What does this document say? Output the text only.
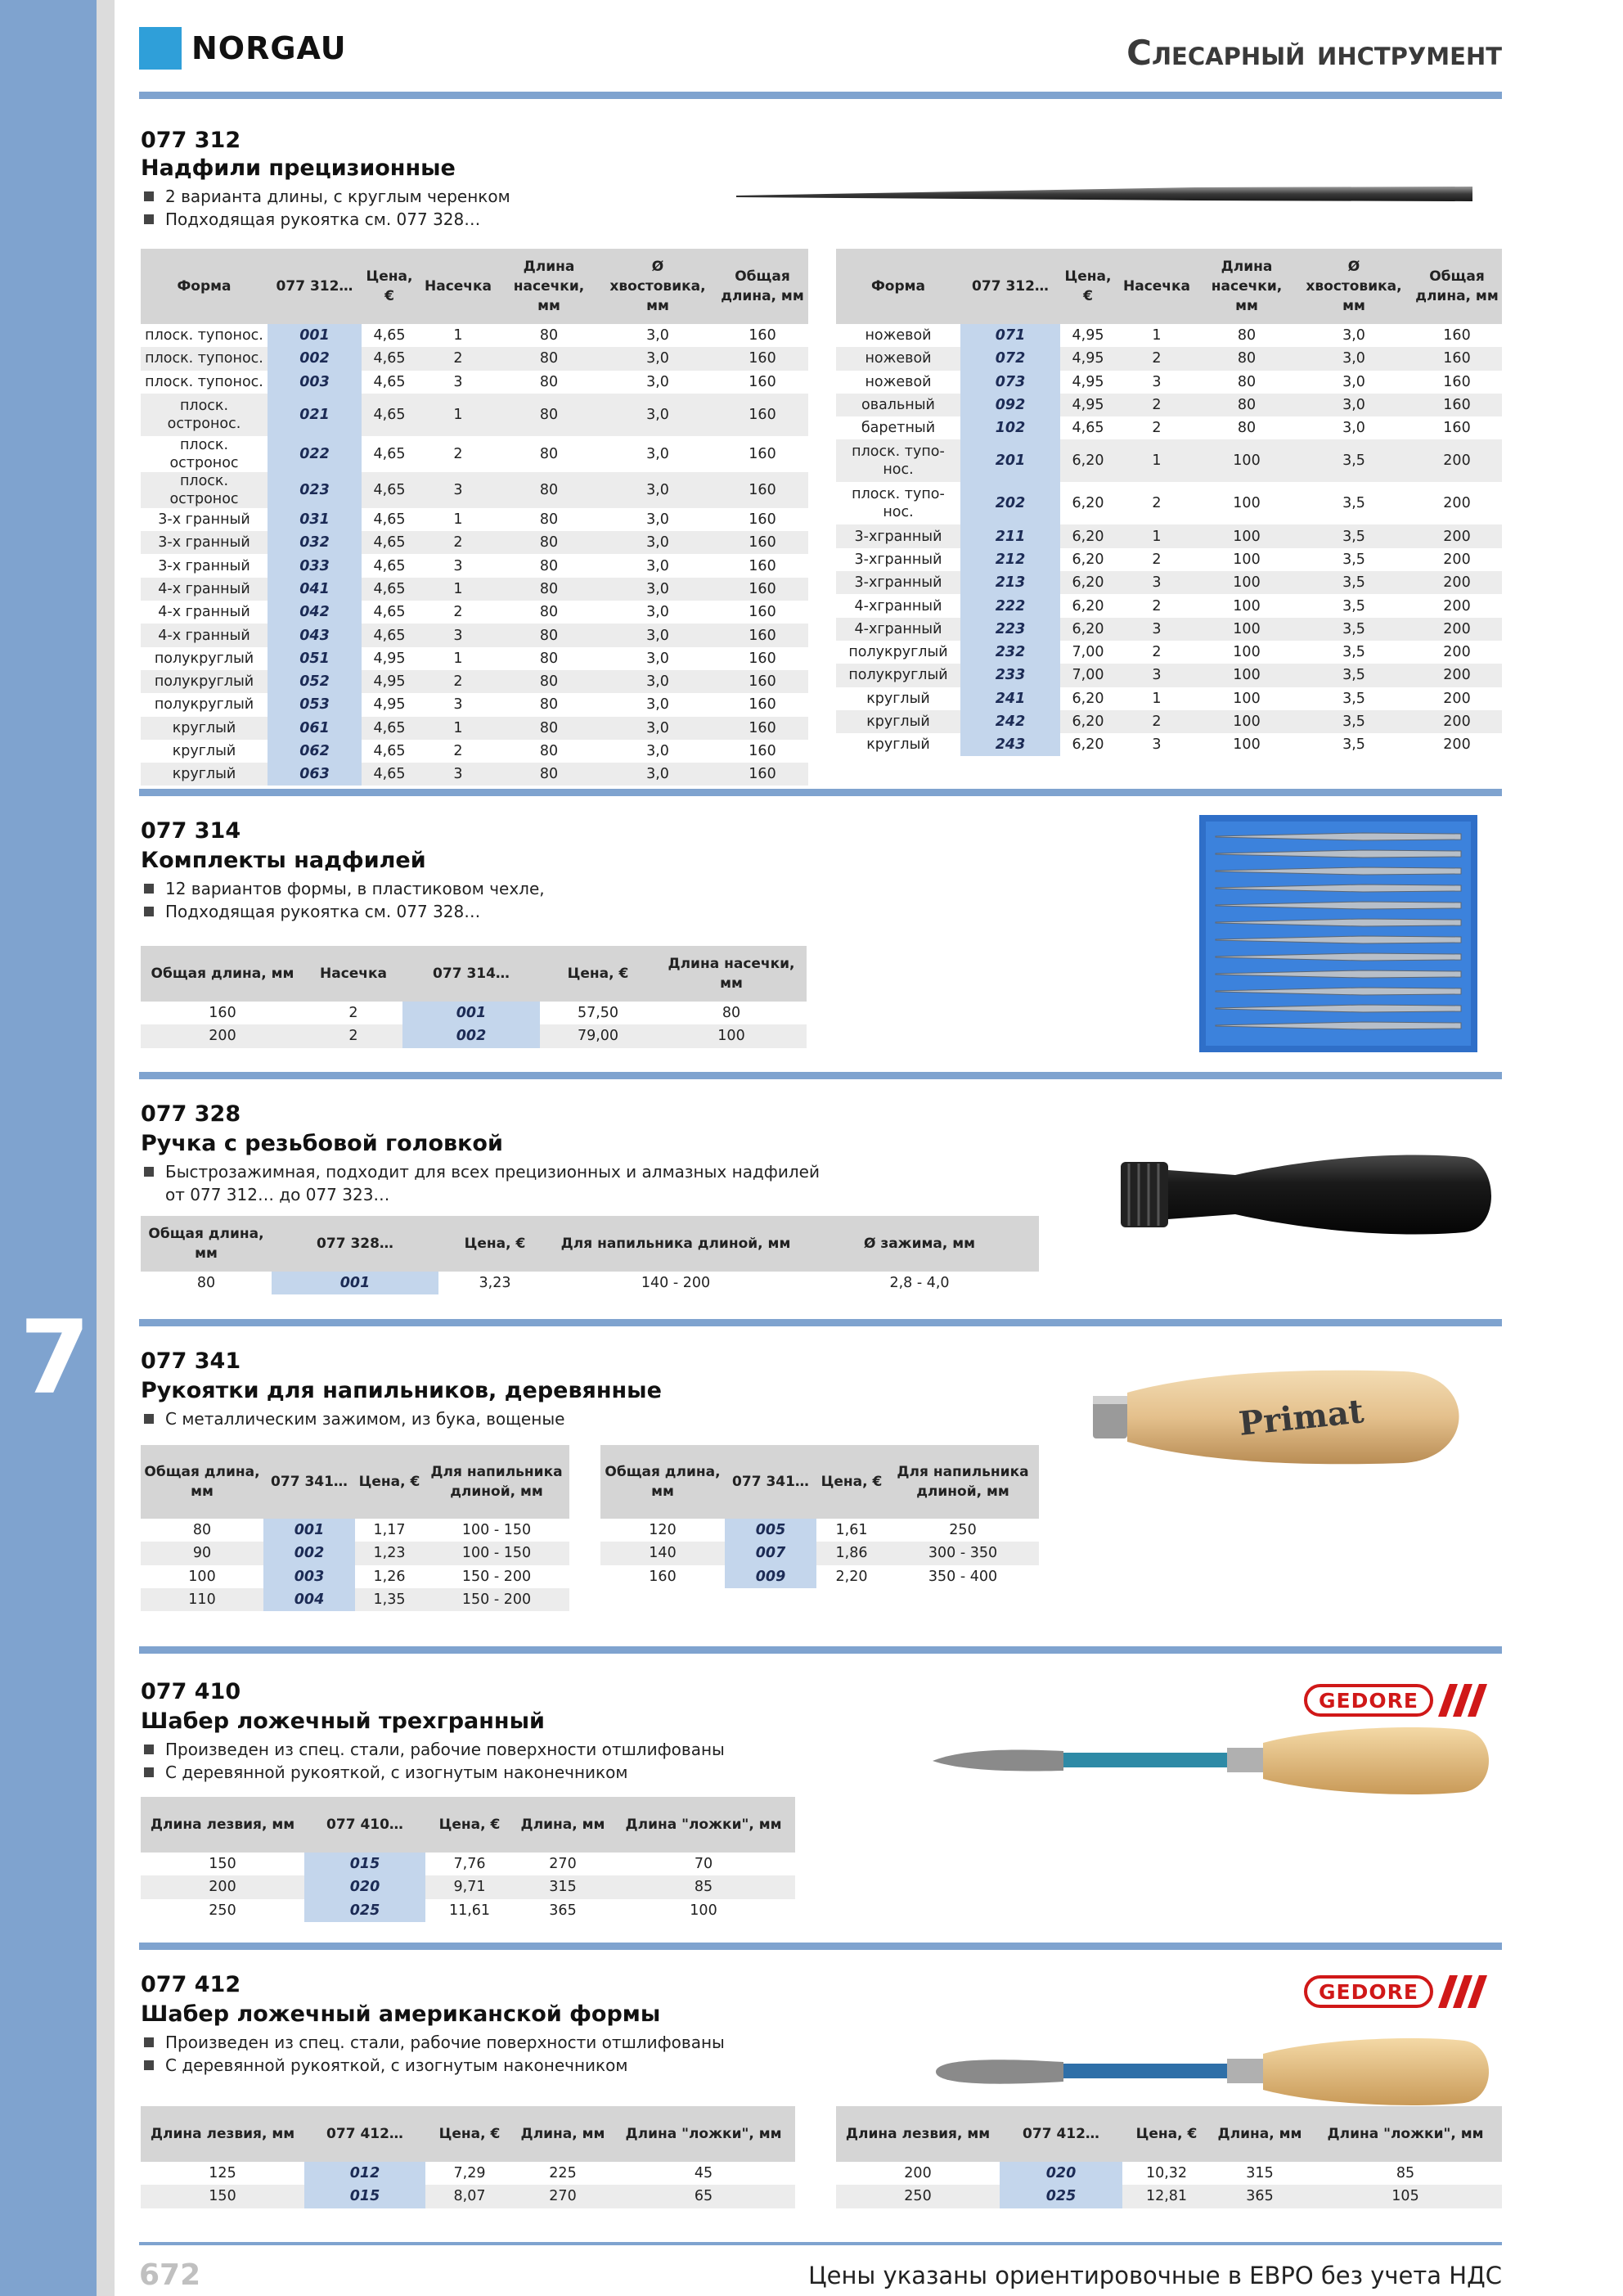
7
NORGAU	Слесарный инструмент
077 312
Надфили прецизионные
2 варианта длины, с круглым черенком
Подходящая рукоятка см. 077 328…
Форма	077 312…	Цена, €	Насечка	Длина насечки, мм	Ø хвостовика, мм	Общая длина, мм
плоск. тупонос.	001	4,65	1	80	3,0	160
плоск. тупонос.	002	4,65	2	80	3,0	160
плоск. тупонос.	003	4,65	3	80	3,0	160
плоск. остронос.	021	4,65	1	80	3,0	160
плоск. остронос	022	4,65	2	80	3,0	160
плоск. остронос	023	4,65	3	80	3,0	160
3-х гранный	031	4,65	1	80	3,0	160
3-х гранный	032	4,65	2	80	3,0	160
3-х гранный	033	4,65	3	80	3,0	160
4-х гранный	041	4,65	1	80	3,0	160
4-х гранный	042	4,65	2	80	3,0	160
4-х гранный	043	4,65	3	80	3,0	160
полукруглый	051	4,95	1	80	3,0	160
полукруглый	052	4,95	2	80	3,0	160
полукруглый	053	4,95	3	80	3,0	160
круглый	061	4,65	1	80	3,0	160
круглый	062	4,65	2	80	3,0	160
круглый	063	4,65	3	80	3,0	160
Форма	077 312…	Цена, €	Насечка	Длина насечки, мм	Ø хвостовика, мм	Общая длина, мм
ножевой	071	4,95	1	80	3,0	160
ножевой	072	4,95	2	80	3,0	160
ножевой	073	4,95	3	80	3,0	160
овальный	092	4,95	2	80	3,0	160
баретный	102	4,65	2	80	3,0	160
плоск. тупо-нос.	201	6,20	1	100	3,5	200
плоск. тупо-нос.	202	6,20	2	100	3,5	200
3-хгранный	211	6,20	1	100	3,5	200
3-хгранный	212	6,20	2	100	3,5	200
3-хгранный	213	6,20	3	100	3,5	200
4-хгранный	222	6,20	2	100	3,5	200
4-хгранный	223	6,20	3	100	3,5	200
полукруглый	232	7,00	2	100	3,5	200
полукруглый	233	7,00	3	100	3,5	200
круглый	241	6,20	1	100	3,5	200
круглый	242	6,20	2	100	3,5	200
круглый	243	6,20	3	100	3,5	200
077 314
Комплекты надфилей
12 вариантов формы, в пластиковом чехле,
Подходящая рукоятка см. 077 328…
Общая длина, мм	Насечка	077 314…	Цена, €	Длина насечки, мм
160	2	001	57,50	80
200	2	002	79,00	100
077 328
Ручка с резьбовой головкой
Быстрозажимная, подходит для всех прецизионных и алмазных надфилей от 077 312… до 077 323…
Общая длина, мм	077 328…	Цена, €	Для напильника длиной, мм	Ø зажима, мм
80	001	3,23	140 - 200	2,8 - 4,0
077 341
Рукоятки для напильников, деревянные
С металлическим зажимом, из бука, вощеные	Primat
Общая длина, мм	077 341…	Цена, €	Для напильника длиной, мм
80	001	1,17	100 - 150
90	002	1,23	100 - 150
100	003	1,26	150 - 200
110	004	1,35	150 - 200
Общая длина, мм	077 341…	Цена, €	Для напильника длиной, мм
120	005	1,61	250
140	007	1,86	300 - 350
160	009	2,20	350 - 400
077 410
Шабер ложечный трехгранный
Произведен из спец. стали, рабочие поверхности отшлифованы
С деревянной рукояткой, с изогнутым наконечником
GEDORE
Длина лезвия, мм	077 410…	Цена, €	Длина, мм	Длина "ложки", мм
150	015	7,76	270	70
200	020	9,71	315	85
250	025	11,61	365	100
077 412
Шабер ложечный американской формы
Произведен из спец. стали, рабочие поверхности отшлифованы
С деревянной рукояткой, с изогнутым наконечником
GEDORE
Длина лезвия, мм	077 412…	Цена, €	Длина, мм	Длина "ложки", мм
125	012	7,29	225	45
150	015	8,07	270	65
Длина лезвия, мм	077 412…	Цена, €	Длина, мм	Длина "ложки", мм
200	020	10,32	315	85
250	025	12,81	365	105
672	Цены указаны ориентировочные в ЕВРО без учета НДС
